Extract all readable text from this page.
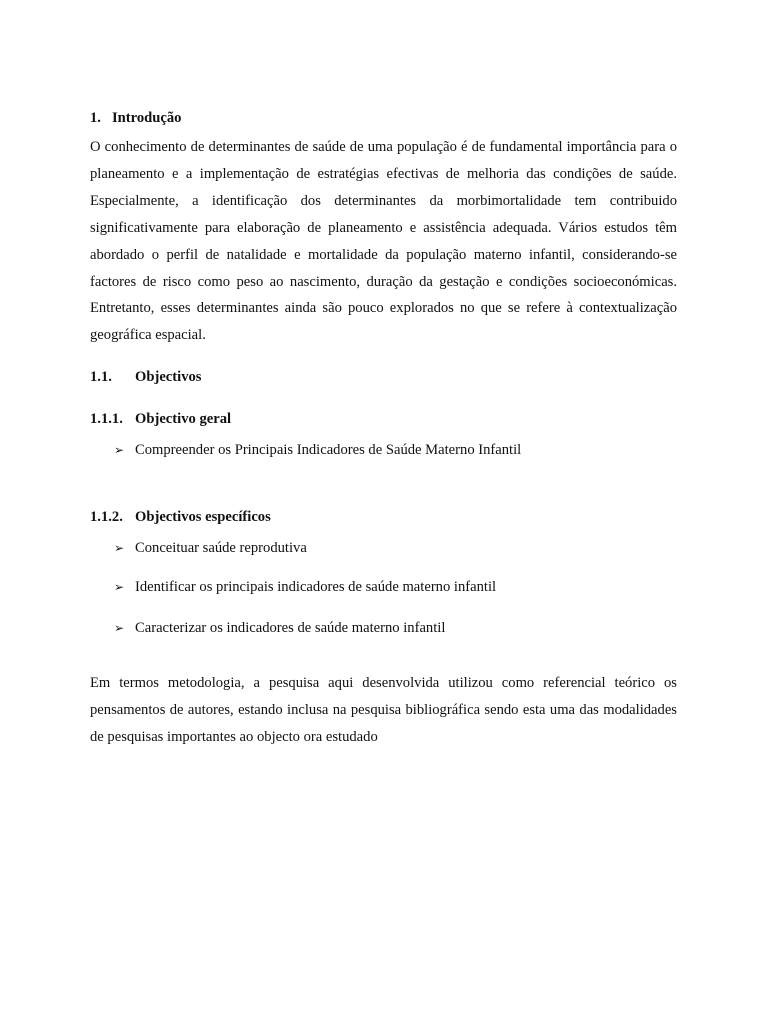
1. Introdução

O conhecimento de determinantes de saúde de uma população é de fundamental importância para o planeamento e a implementação de estratégias efectivas de melhoria das condições de saúde. Especialmente, a identificação dos determinantes da morbimortalidade tem contribuido significativamente para elaboração de planeamento e assistência adequada. Vários estudos têm abordado o perfil de natalidade e mortalidade da população materno infantil, considerando-se factores de risco como peso ao nascimento, duração da gestação e condições socioeconómicas. Entretanto, esses determinantes ainda são pouco explorados no que se refere à contextualização geográfica espacial.

1.1. Objectivos
1.1.1. Objectivo geral
➢ Compreender os Principais Indicadores de Saúde Materno Infantil
1.1.2. Objectivos específicos
➢ Conceituar saúde reprodutiva
➢ Identificar os principais indicadores de saúde materno infantil
➢ Caracterizar os indicadores de saúde materno infantil

Em termos metodologia, a pesquisa aqui desenvolvida utilizou como referencial teórico os pensamentos de autores, estando inclusa na pesquisa bibliográfica sendo esta uma das modalidades de pesquisas importantes ao objecto ora estudado
